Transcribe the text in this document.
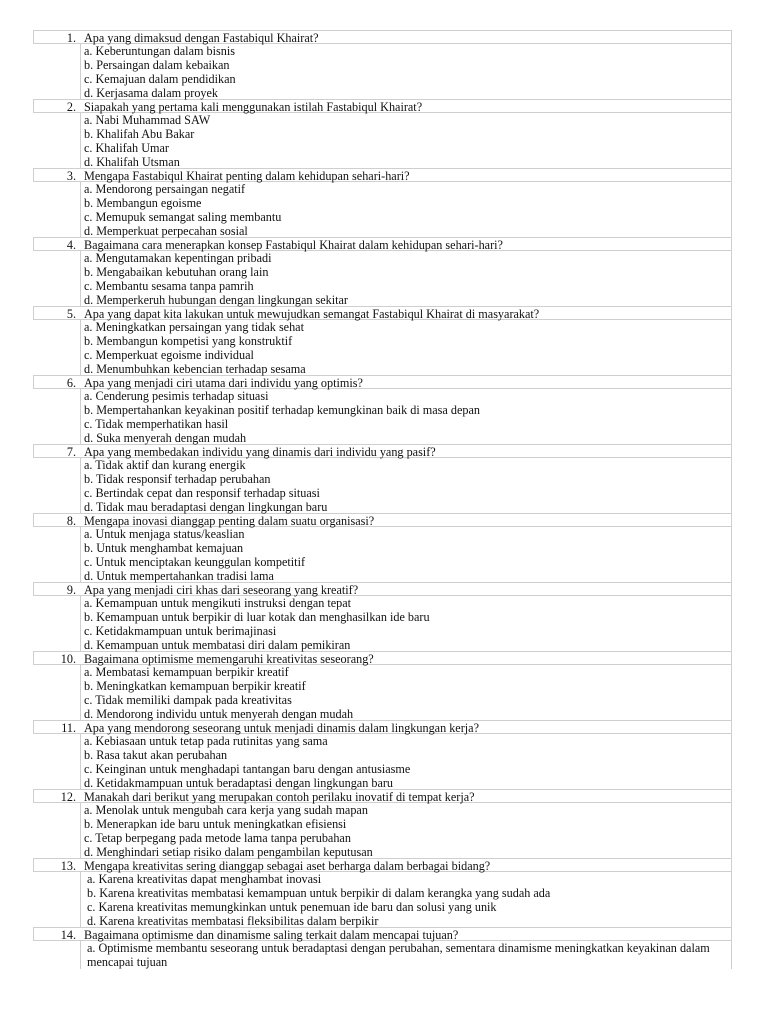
1. Apa yang dimaksud dengan Fastabiqul Khairat?
a. Keberuntungan dalam bisnis
b. Persaingan dalam kebaikan
c. Kemajuan dalam pendidikan
d. Kerjasama dalam proyek
2. Siapakah yang pertama kali menggunakan istilah Fastabiqul Khairat?
a. Nabi Muhammad SAW
b. Khalifah Abu Bakar
c. Khalifah Umar
d. Khalifah Utsman
3. Mengapa Fastabiqul Khairat penting dalam kehidupan sehari-hari?
a. Mendorong persaingan negatif
b. Membangun egoisme
c. Memupuk semangat saling membantu
d. Memperkuat perpecahan sosial
4. Bagaimana cara menerapkan konsep Fastabiqul Khairat dalam kehidupan sehari-hari?
a. Mengutamakan kepentingan pribadi
b. Mengabaikan kebutuhan orang lain
c. Membantu sesama tanpa pamrih
d. Memperkeruh hubungan dengan lingkungan sekitar
5. Apa yang dapat kita lakukan untuk mewujudkan semangat Fastabiqul Khairat di masyarakat?
a. Meningkatkan persaingan yang tidak sehat
b. Membangun kompetisi yang konstruktif
c. Memperkuat egoisme individual
d. Menumbuhkan kebencian terhadap sesama
6. Apa yang menjadi ciri utama dari individu yang optimis?
a. Cenderung pesimis terhadap situasi
b. Mempertahankan keyakinan positif terhadap kemungkinan baik di masa depan
c. Tidak memperhatikan hasil
d. Suka menyerah dengan mudah
7. Apa yang membedakan individu yang dinamis dari individu yang pasif?
a. Tidak aktif dan kurang energik
b. Tidak responsif terhadap perubahan
c. Bertindak cepat dan responsif terhadap situasi
d. Tidak mau beradaptasi dengan lingkungan baru
8. Mengapa inovasi dianggap penting dalam suatu organisasi?
a. Untuk menjaga status/keaslian
b. Untuk menghambat kemajuan
c. Untuk menciptakan keunggulan kompetitif
d. Untuk mempertahankan tradisi lama
9. Apa yang menjadi ciri khas dari seseorang yang kreatif?
a. Kemampuan untuk mengikuti instruksi dengan tepat
b. Kemampuan untuk berpikir di luar kotak dan menghasilkan ide baru
c. Ketidakmampuan untuk berimajinasi
d. Kemampuan untuk membatasi diri dalam pemikiran
10. Bagaimana optimisme memengaruhi kreativitas seseorang?
a. Membatasi kemampuan berpikir kreatif
b. Meningkatkan kemampuan berpikir kreatif
c. Tidak memiliki dampak pada kreativitas
d. Mendorong individu untuk menyerah dengan mudah
11. Apa yang mendorong seseorang untuk menjadi dinamis dalam lingkungan kerja?
a. Kebiasaan untuk tetap pada rutinitas yang sama
b. Rasa takut akan perubahan
c. Keinginan untuk menghadapi tantangan baru dengan antusiasme
d. Ketidakmampuan untuk beradaptasi dengan lingkungan baru
12. Manakah dari berikut yang merupakan contoh perilaku inovatif di tempat kerja?
a. Menolak untuk mengubah cara kerja yang sudah mapan
b. Menerapkan ide baru untuk meningkatkan efisiensi
c. Tetap berpegang pada metode lama tanpa perubahan
d. Menghindari setiap risiko dalam pengambilan keputusan
13. Mengapa kreativitas sering dianggap sebagai aset berharga dalam berbagai bidang?
a. Karena kreativitas dapat menghambat inovasi
b. Karena kreativitas membatasi kemampuan untuk berpikir di dalam kerangka yang sudah ada
c. Karena kreativitas memungkinkan untuk penemuan ide baru dan solusi yang unik
d. Karena kreativitas membatasi fleksibilitas dalam berpikir
14. Bagaimana optimisme dan dinamisme saling terkait dalam mencapai tujuan?
a. Optimisme membantu seseorang untuk beradaptasi dengan perubahan, sementara dinamisme meningkatkan keyakinan dalam mencapai tujuan
